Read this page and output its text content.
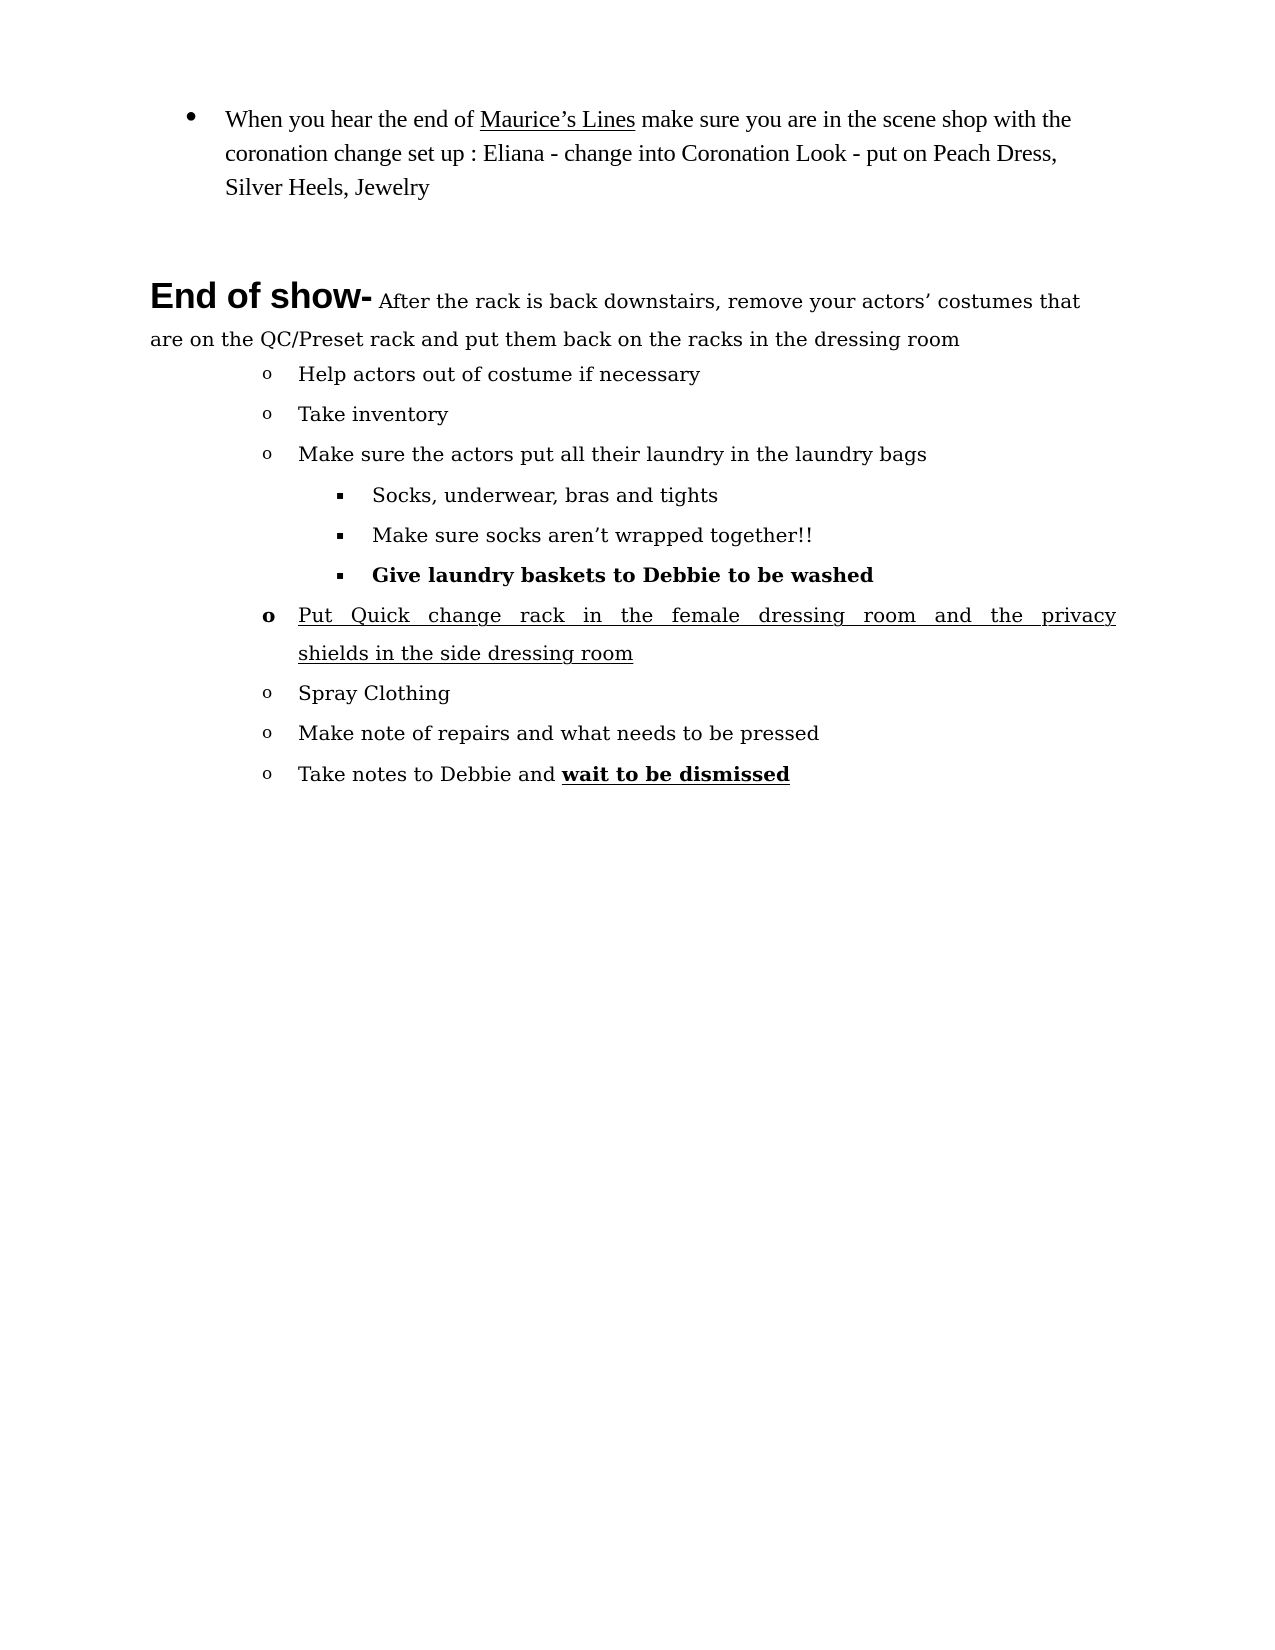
● When you hear the end of Maurice’s Lines make sure you are in the scene shop with the coronation change set up : Eliana - change into Coronation Look - put on Peach Dress, Silver Heels, Jewelry

End of show- After the rack is back downstairs, remove your actors’ costumes that are on the QC/Preset rack and put them back on the racks in the dressing room

o Help actors out of costume if necessary
o Take inventory
o Make sure the actors put all their laundry in the laundry bags
▪ Socks, underwear, bras and tights
▪ Make sure socks aren’t wrapped together!!
▪ Give laundry baskets to Debbie to be washed
o Put Quick change rack in the female dressing room and the privacy
shields in the side dressing room
o Spray Clothing
o Make note of repairs and what needs to be pressed
o Take notes to Debbie and wait to be dismissed
